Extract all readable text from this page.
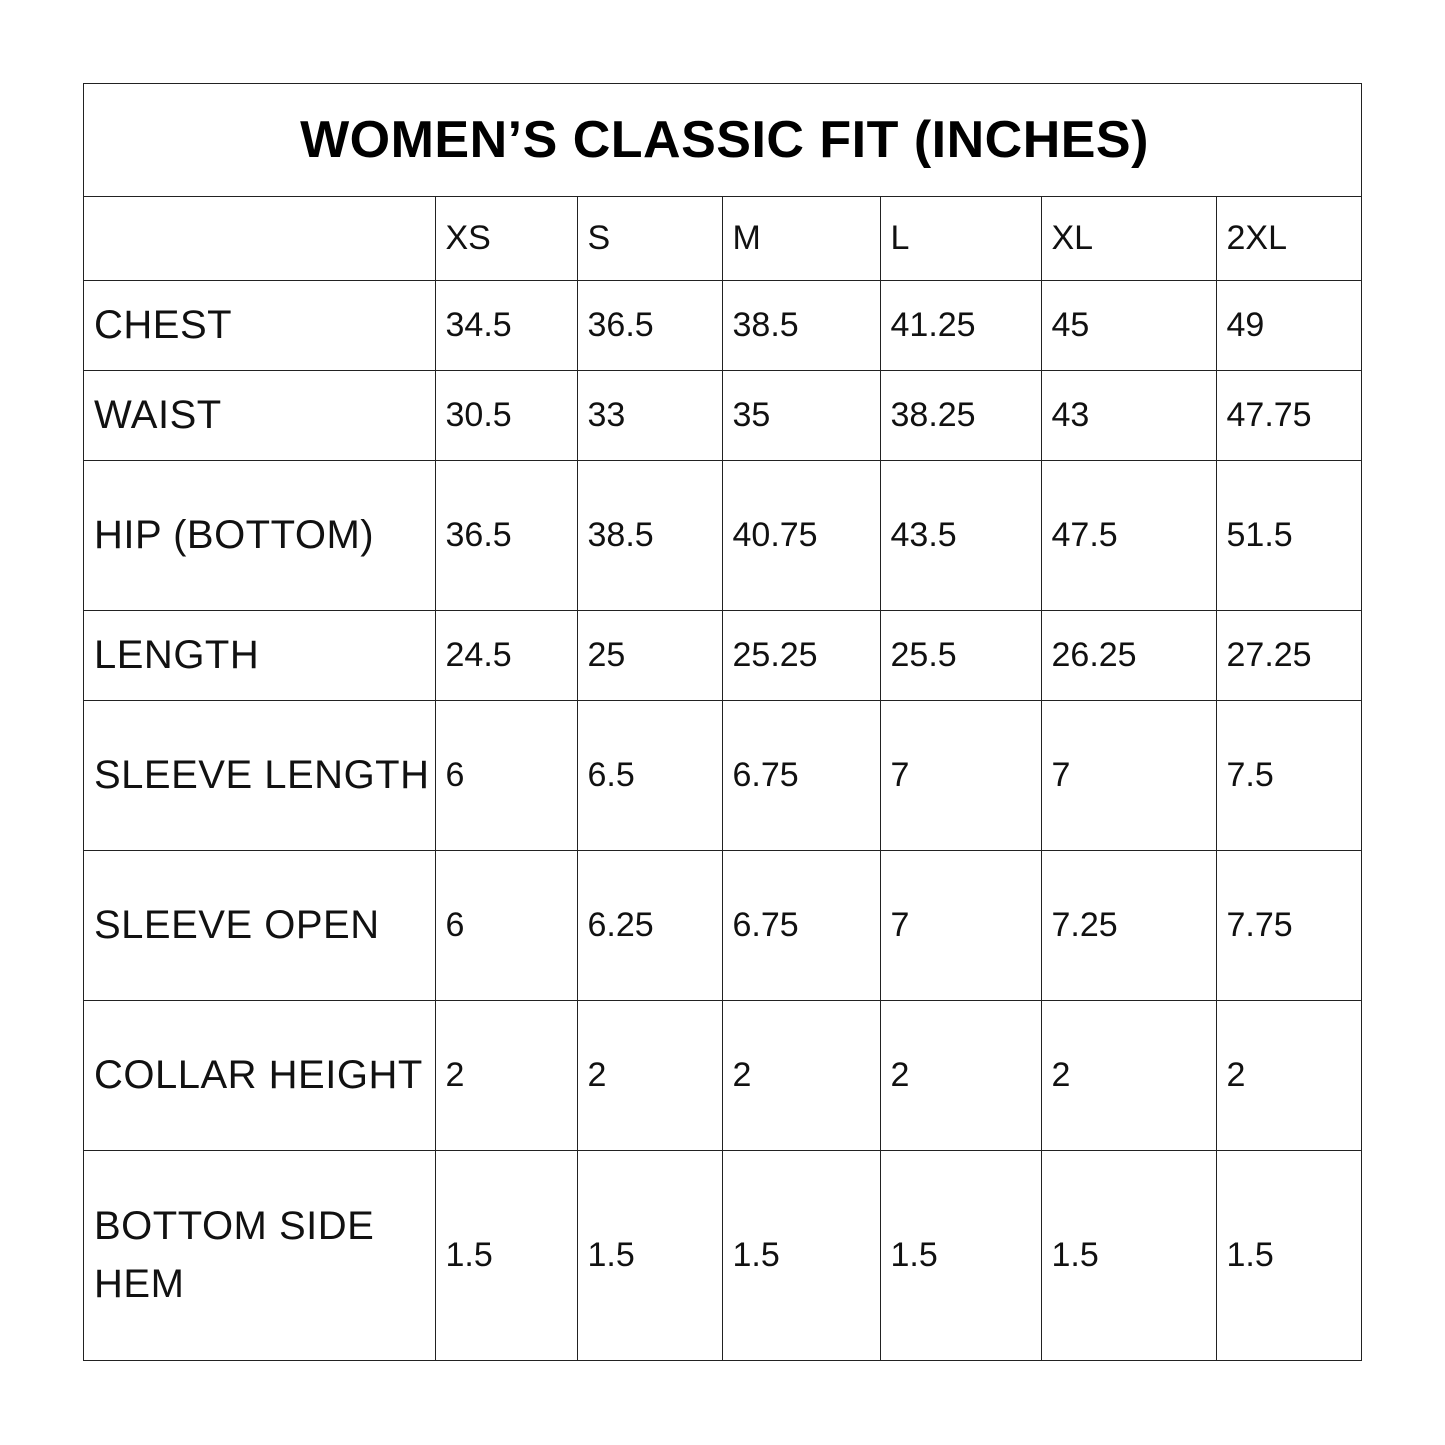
WOMEN’S CLASSIC FIT (INCHES)
	XS	S	M	L	XL	2XL
CHEST	34.5	36.5	38.5	41.25	45	49
WAIST	30.5	33	35	38.25	43	47.75
HIP (BOTTOM)	36.5	38.5	40.75	43.5	47.5	51.5
LENGTH	24.5	25	25.25	25.5	26.25	27.25
SLEEVE LENGTH	6	6.5	6.75	7	7	7.5
SLEEVE OPEN	6	6.25	6.75	7	7.25	7.75
COLLAR HEIGHT	2	2	2	2	2	2
BOTTOM SIDE HEM	1.5	1.5	1.5	1.5	1.5	1.5
